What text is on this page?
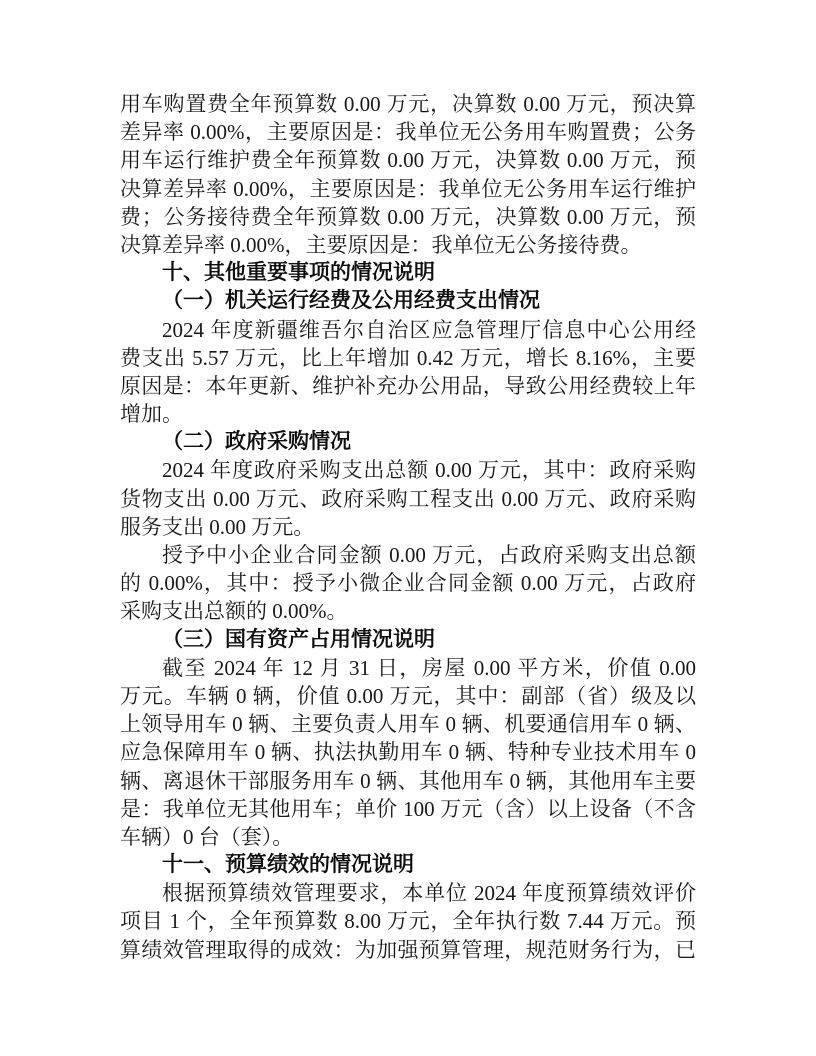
用车购置费全年预算数 0.00 万元，决算数 0.00 万元，预决算
差异率 0.00%，主要原因是：我单位无公务用车购置费；公务
用车运行维护费全年预算数 0.00 万元，决算数 0.00 万元，预
决算差异率 0.00%，主要原因是：我单位无公务用车运行维护
费；公务接待费全年预算数 0.00 万元，决算数 0.00 万元，预
决算差异率 0.00%，主要原因是：我单位无公务接待费。
十、其他重要事项的情况说明
（一）机关运行经费及公用经费支出情况
2024 年度新疆维吾尔自治区应急管理厅信息中心公用经
费支出 5.57 万元，比上年增加 0.42 万元，增长 8.16%，主要
原因是：本年更新、维护补充办公用品，导致公用经费较上年
增加。
（二）政府采购情况
2024 年度政府采购支出总额 0.00 万元，其中：政府采购
货物支出 0.00 万元、政府采购工程支出 0.00 万元、政府采购
服务支出 0.00 万元。
授予中小企业合同金额 0.00 万元，占政府采购支出总额
的 0.00%，其中：授予小微企业合同金额 0.00 万元，占政府
采购支出总额的 0.00%。
（三）国有资产占用情况说明
截至 2024 年 12 月 31 日，房屋 0.00 平方米，价值 0.00
万元。车辆 0 辆，价值 0.00 万元，其中：副部（省）级及以
上领导用车 0 辆、主要负责人用车 0 辆、机要通信用车 0 辆、
应急保障用车 0 辆、执法执勤用车 0 辆、特种专业技术用车 0
辆、离退休干部服务用车 0 辆、其他用车 0 辆，其他用车主要
是：我单位无其他用车；单价 100 万元（含）以上设备（不含
车辆）0 台（套）。
十一、预算绩效的情况说明
根据预算绩效管理要求，本单位 2024 年度预算绩效评价
项目 1 个，全年预算数 8.00 万元，全年执行数 7.44 万元。预
算绩效管理取得的成效：为加强预算管理，规范财务行为，已
